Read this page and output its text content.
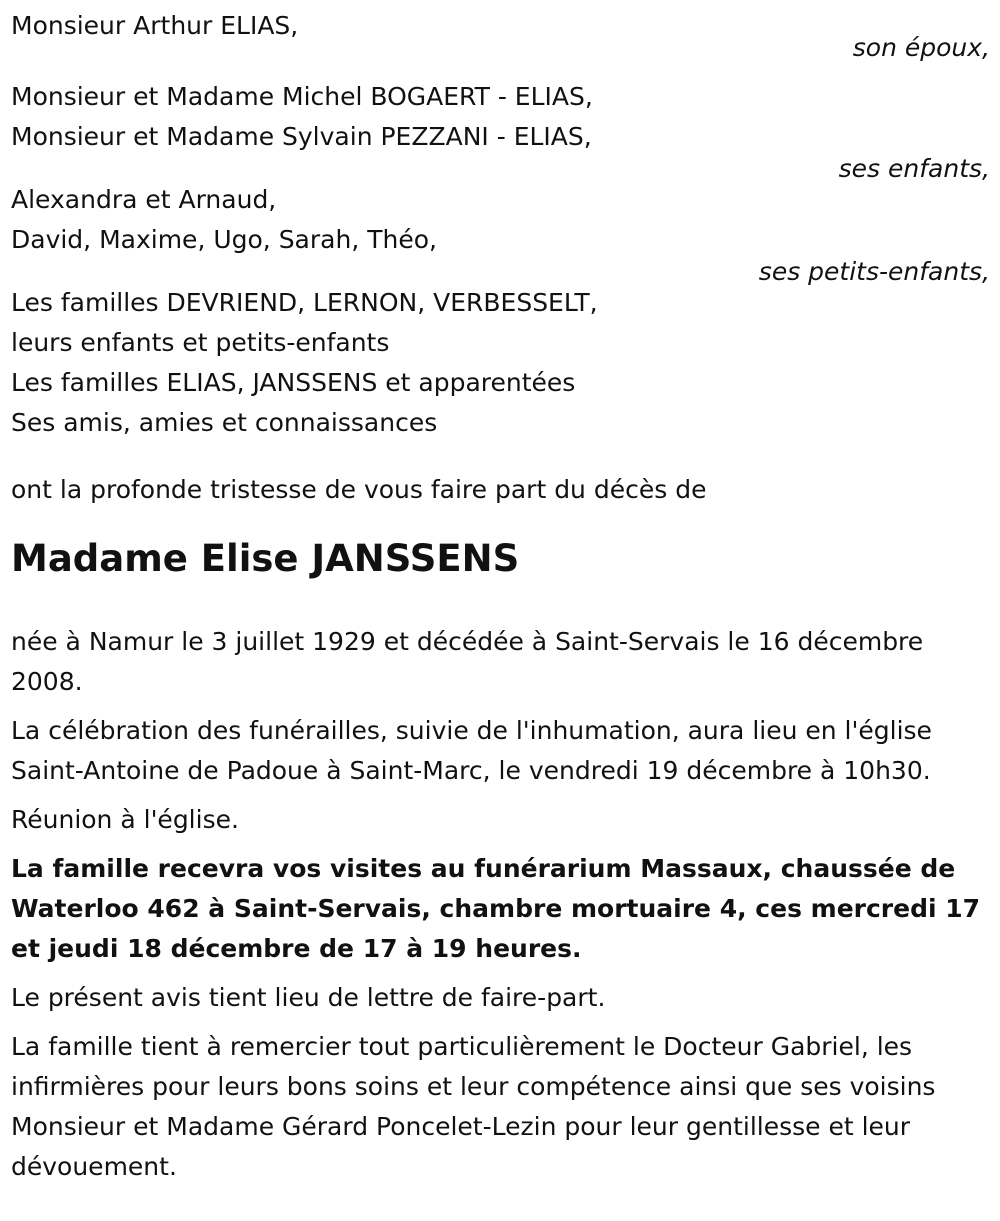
Monsieur Arthur ELIAS,
son époux,
Monsieur et Madame Michel BOGAERT - ELIAS,
Monsieur et Madame Sylvain PEZZANI - ELIAS,
ses enfants,
Alexandra et Arnaud,
David, Maxime, Ugo, Sarah, Théo,
ses petits-enfants,
Les familles DEVRIEND, LERNON, VERBESSELT,
leurs enfants et petits-enfants
Les familles ELIAS, JANSSENS et apparentées
Ses amis, amies et connaissances
ont la profonde tristesse de vous faire part du décès de
Madame Elise JANSSENS

née à Namur le 3 juillet 1929 et décédée à Saint-Servais le 16 décembre 2008.

La célébration des funérailles, suivie de l'inhumation, aura lieu en l'église Saint-Antoine de Padoue à Saint-Marc, le vendredi 19 décembre à 10h30.

Réunion à l'église.

La famille recevra vos visites au funérarium Massaux, chaussée de Waterloo 462 à Saint-Servais, chambre mortuaire 4, ces mercredi 17 et jeudi 18 décembre de 17 à 19 heures.

Le présent avis tient lieu de lettre de faire-part.

La famille tient à remercier tout particulièrement le Docteur Gabriel, les infirmières pour leurs bons soins et leur compétence ainsi que ses voisins Monsieur et Madame Gérard Poncelet-Lezin pour leur gentillesse et leur dévouement.
